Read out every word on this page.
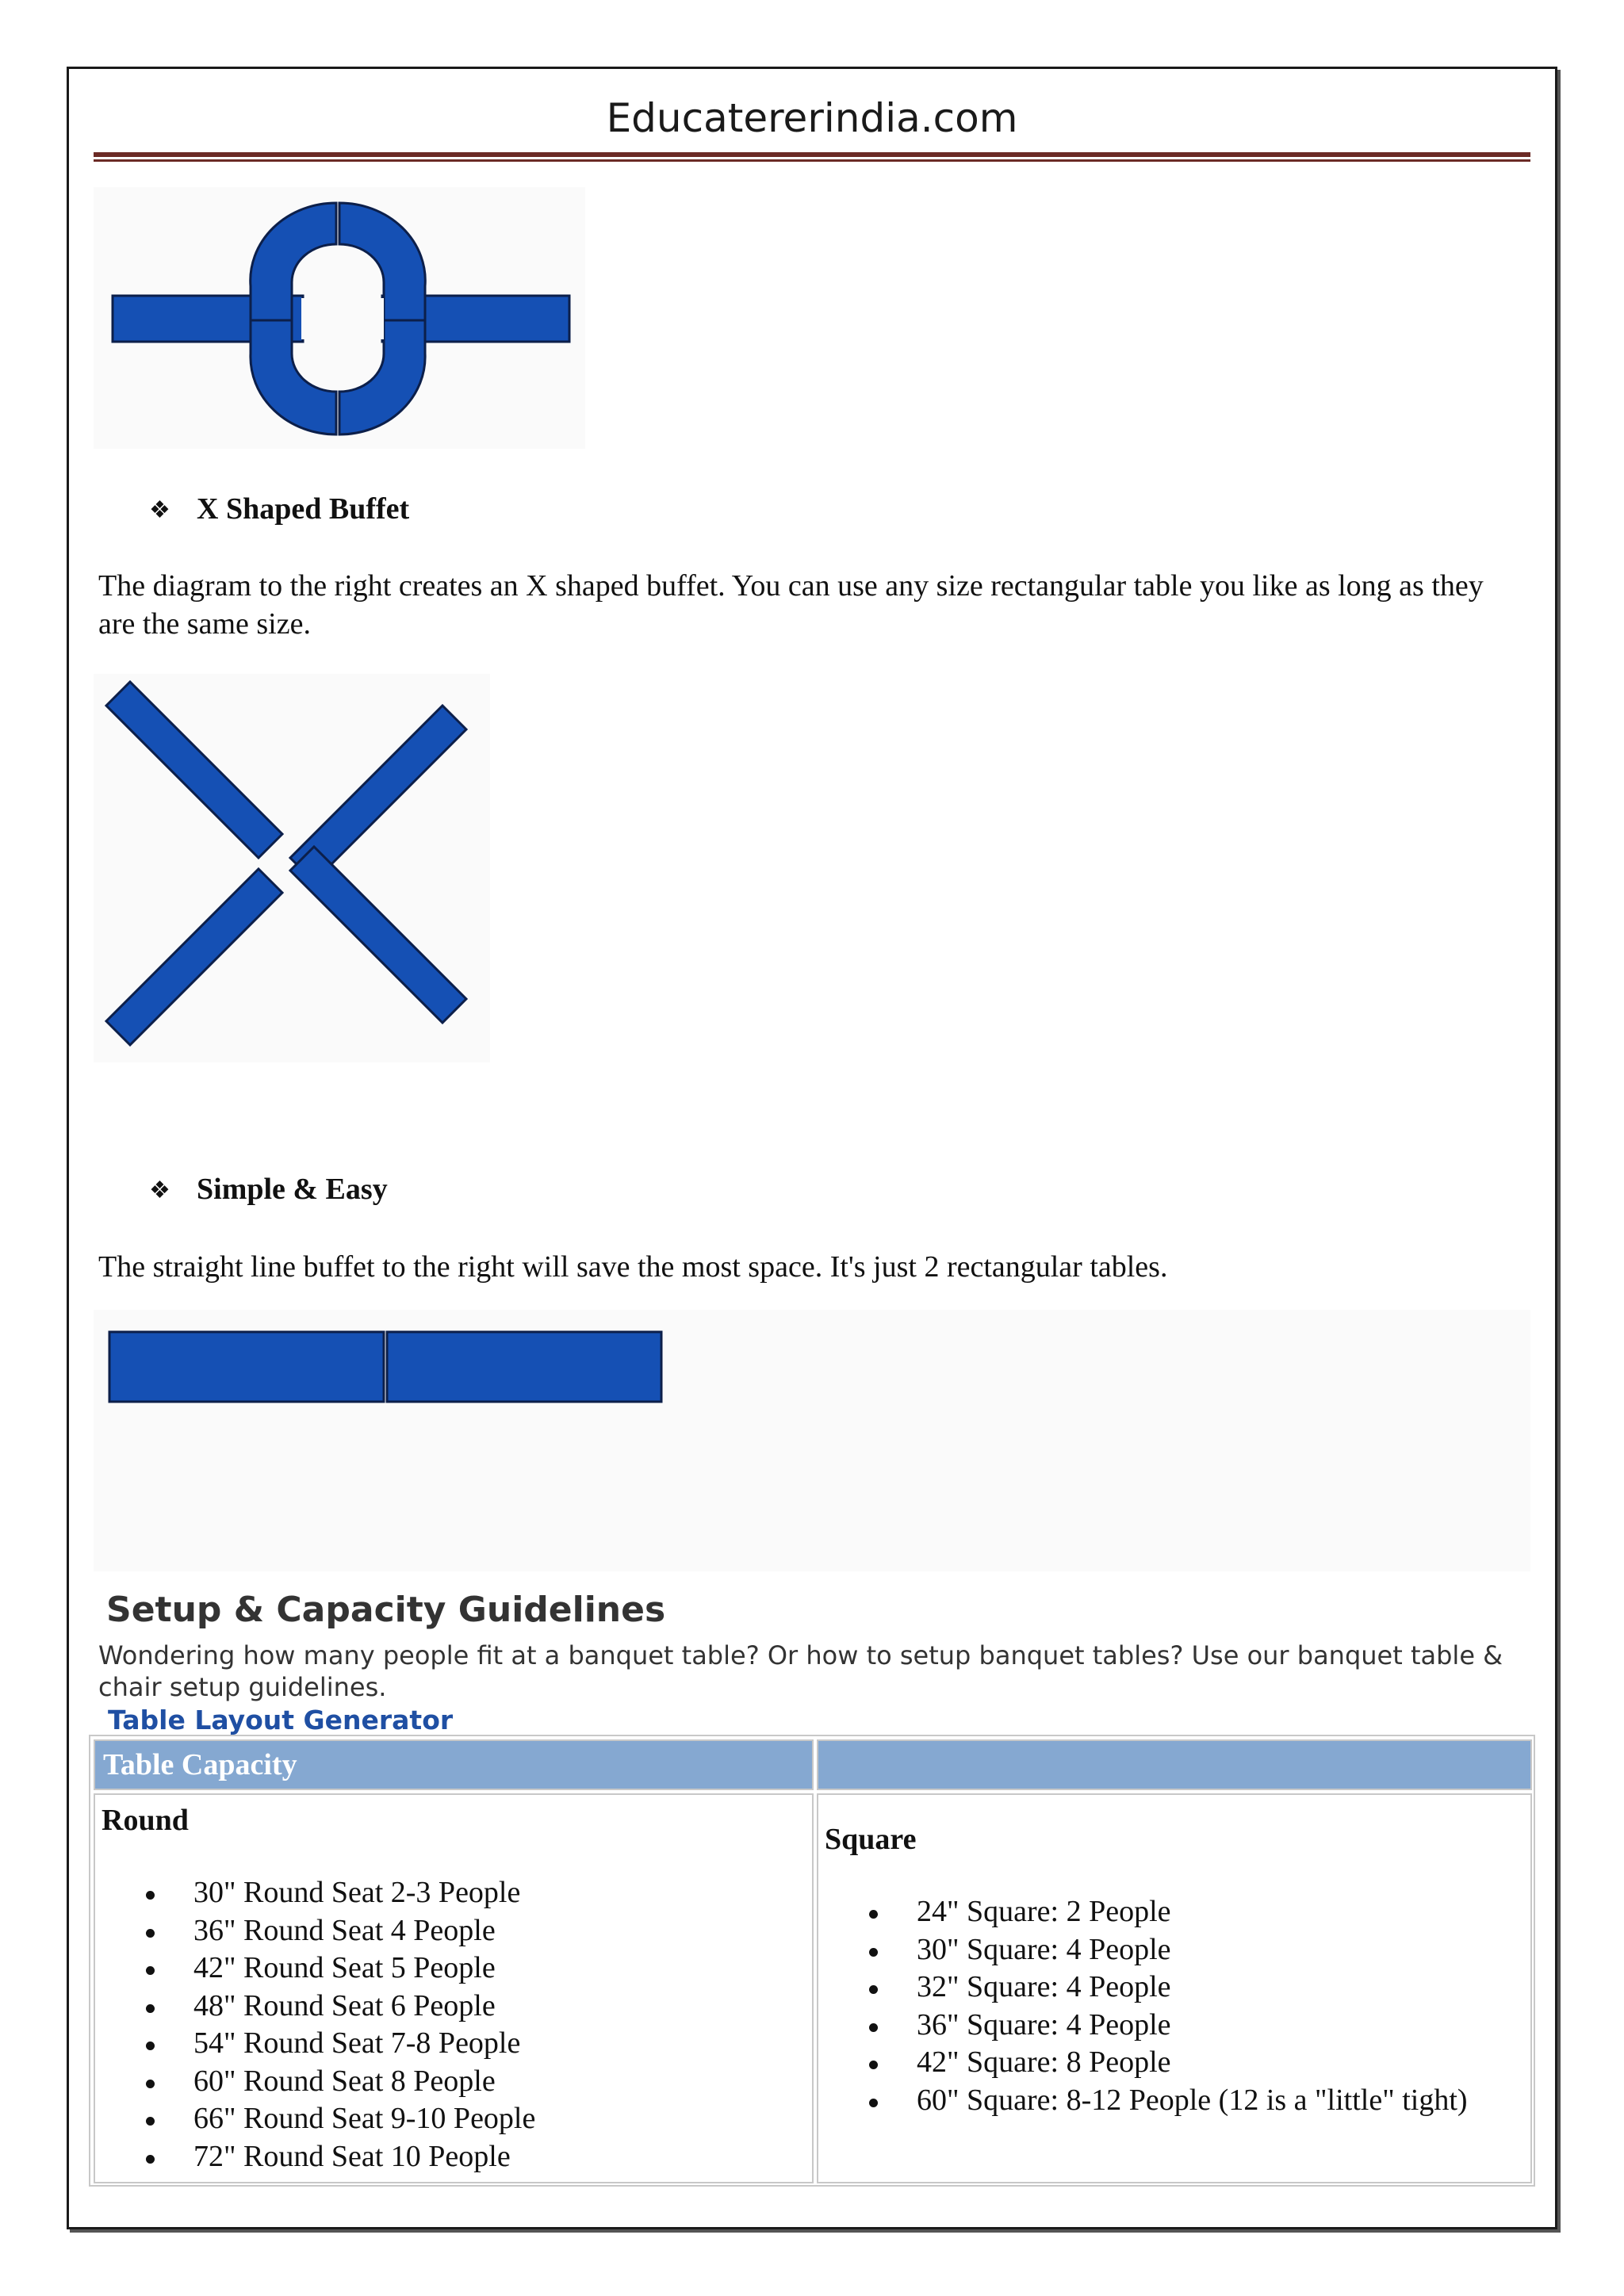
Educatererindia.com
❖ X Shaped Buffet
The diagram to the right creates an X shaped buffet. You can use any size rectangular table you like as long as they are the same size.
❖ Simple & Easy
The straight line buffet to the right will save the most space. It's just 2 rectangular tables.
Setup & Capacity Guidelines
Wondering how many people fit at a banquet table? Or how to setup banquet tables? Use our banquet table & chair setup guidelines.
Table Layout Generator
Table Capacity
Round
30" Round Seat 2-3 People
36" Round Seat 4 People
42" Round Seat 5 People
48" Round Seat 6 People
54" Round Seat 7-8 People
60" Round Seat 8 People
66" Round Seat 9-10 People
72" Round Seat 10 People
Square
24" Square: 2 People
30" Square: 4 People
32" Square: 4 People
36" Square: 4 People
42" Square: 8 People
60" Square: 8-12 People (12 is a "little" tight)
